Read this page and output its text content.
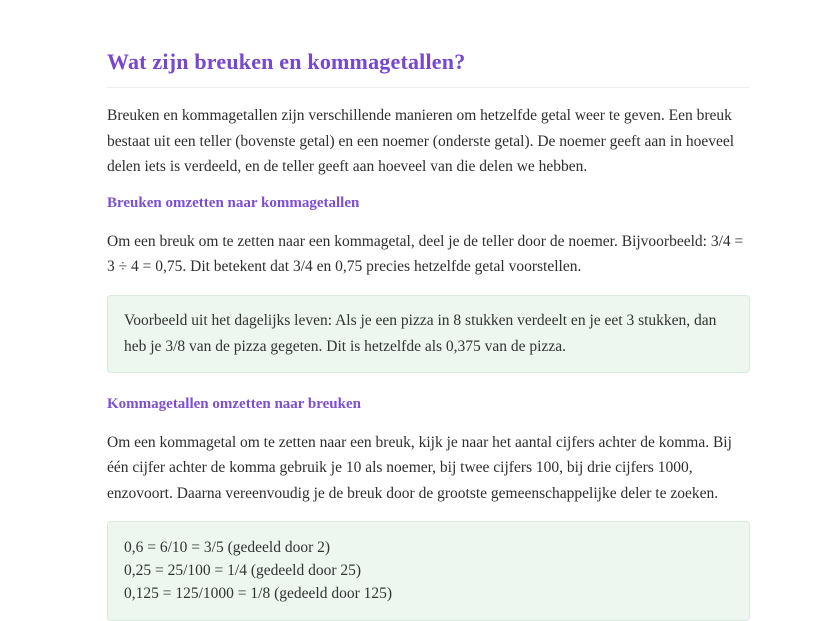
Wat zijn breuken en kommagetallen?

Breuken en kommagetallen zijn verschillende manieren om hetzelfde getal weer te geven. Een breuk bestaat uit een teller (bovenste getal) en een noemer (onderste getal). De noemer geeft aan in hoeveel delen iets is verdeeld, en de teller geeft aan hoeveel van die delen we hebben.

Breuken omzetten naar kommagetallen

Om een breuk om te zetten naar een kommagetal, deel je de teller door de noemer. Bijvoorbeeld: 3/4 = 3 ÷ 4 = 0,75. Dit betekent dat 3/4 en 0,75 precies hetzelfde getal voorstellen.

Voorbeeld uit het dagelijks leven: Als je een pizza in 8 stukken verdeelt en je eet 3 stukken, dan heb je 3/8 van de pizza gegeten. Dit is hetzelfde als 0,375 van de pizza.
Kommagetallen omzetten naar breuken

Om een kommagetal om te zetten naar een breuk, kijk je naar het aantal cijfers achter de komma. Bij één cijfer achter de komma gebruik je 10 als noemer, bij twee cijfers 100, bij drie cijfers 1000, enzovoort. Daarna vereenvoudig je de breuk door de grootste gemeenschappelijke deler te zoeken.

0,6 = 6/10 = 3/5 (gedeeld door 2)
0,25 = 25/100 = 1/4 (gedeeld door 25)
0,125 = 125/1000 = 1/8 (gedeeld door 125)
